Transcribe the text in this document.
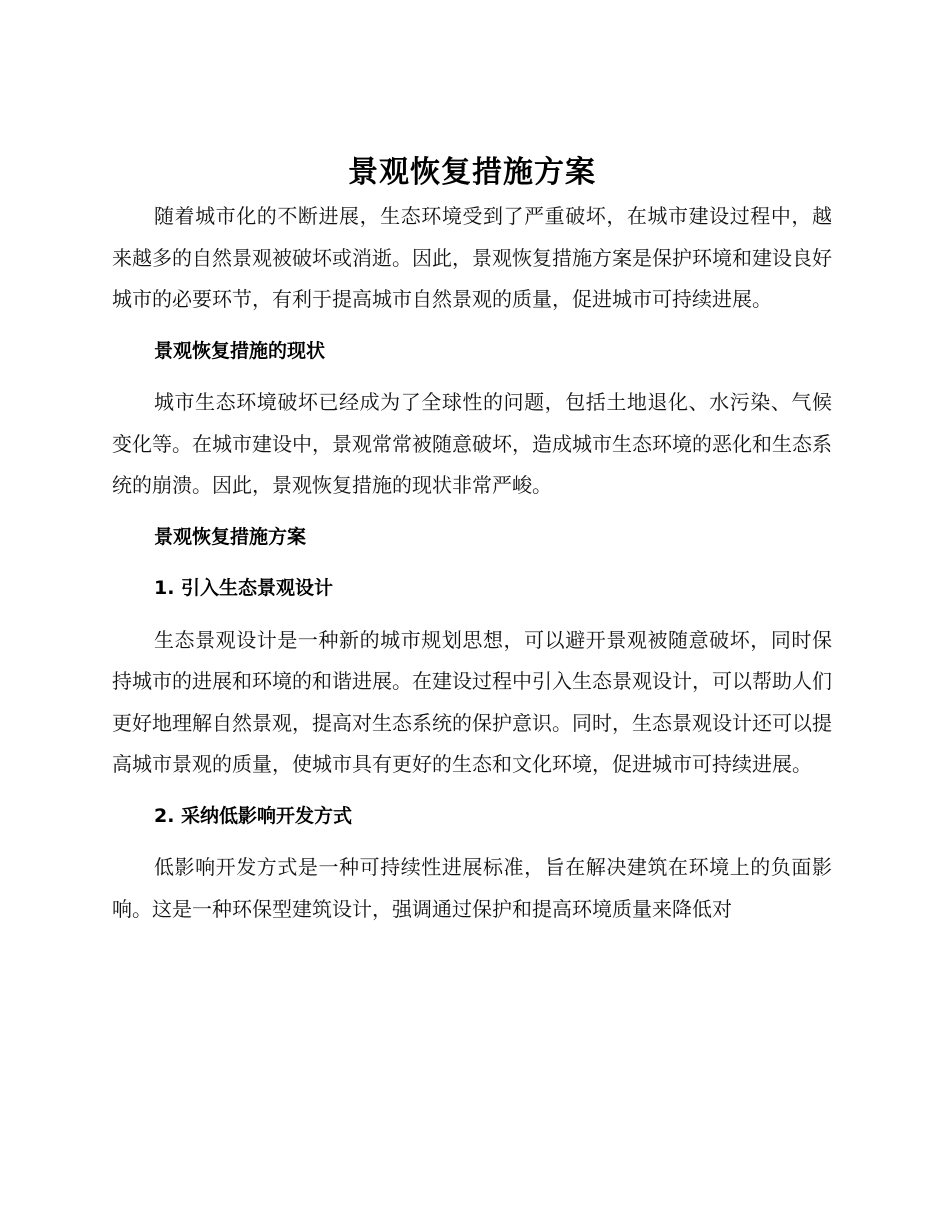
景观恢复措施方案

随着城市化的不断进展，生态环境受到了严重破坏，在城市建设过程中，越来越多的自然景观被破坏或消逝。因此，景观恢复措施方案是保护环境和建设良好城市的必要环节，有利于提高城市自然景观的质量，促进城市可持续进展。

景观恢复措施的现状

城市生态环境破坏已经成为了全球性的问题，包括土地退化、水污染、气候变化等。在城市建设中，景观常常被随意破坏，造成城市生态环境的恶化和生态系统的崩溃。因此，景观恢复措施的现状非常严峻。

景观恢复措施方案
1. 引入生态景观设计

生态景观设计是一种新的城市规划思想，可以避开景观被随意破坏，同时保持城市的进展和环境的和谐进展。在建设过程中引入生态景观设计，可以帮助人们更好地理解自然景观，提高对生态系统的保护意识。同时，生态景观设计还可以提高城市景观的质量，使城市具有更好的生态和文化环境，促进城市可持续进展。

2. 采纳低影响开发方式

低影响开发方式是一种可持续性进展标准，旨在解决建筑在环境上的负面影响。这是一种环保型建筑设计，强调通过保护和提高环境质量来降低对
